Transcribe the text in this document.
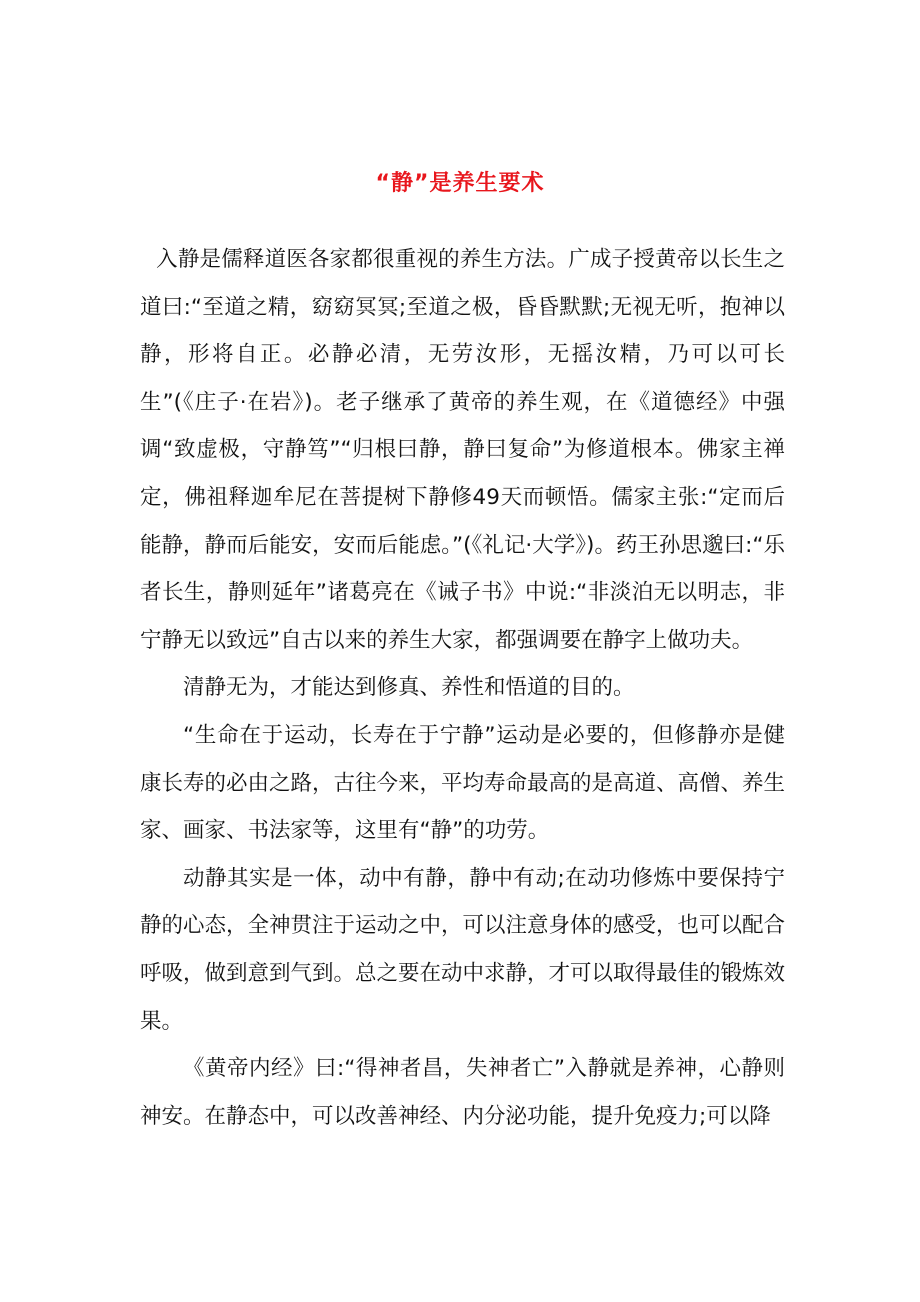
“静”是养生要术

入静是儒释道医各家都很重视的养生方法。广成子授黄帝以长生之道曰:“至道之精，窈窈冥冥;至道之极，昏昏默默;无视无听，抱神以静，形将自正。必静必清，无劳汝形，无摇汝精，乃可以可长生”(《庄子·在岩》)。老子继承了黄帝的养生观，在《道德经》中强调“致虚极，守静笃”“归根曰静，静曰复命”为修道根本。佛家主禅定，佛祖释迦牟尼在菩提树下静修49天而顿悟。儒家主张:“定而后能静，静而后能安，安而后能虑。”(《礼记·大学》)。药王孙思邈曰:“乐者长生，静则延年”诸葛亮在《诫子书》中说:“非淡泊无以明志，非宁静无以致远”自古以来的养生大家，都强调要在静字上做功夫。

清静无为，才能达到修真、养性和悟道的目的。

“生命在于运动，长寿在于宁静”运动是必要的，但修静亦是健康长寿的必由之路，古往今来，平均寿命最高的是高道、高僧、养生家、画家、书法家等，这里有“静”的功劳。

动静其实是一体，动中有静，静中有动;在动功修炼中要保持宁静的心态，全神贯注于运动之中，可以注意身体的感受，也可以配合呼吸，做到意到气到。总之要在动中求静，才可以取得最佳的锻炼效果。

《黄帝内经》曰:“得神者昌，失神者亡”入静就是养神，心静则神安。在静态中，可以改善神经、内分泌功能，提升免疫力;可以降
